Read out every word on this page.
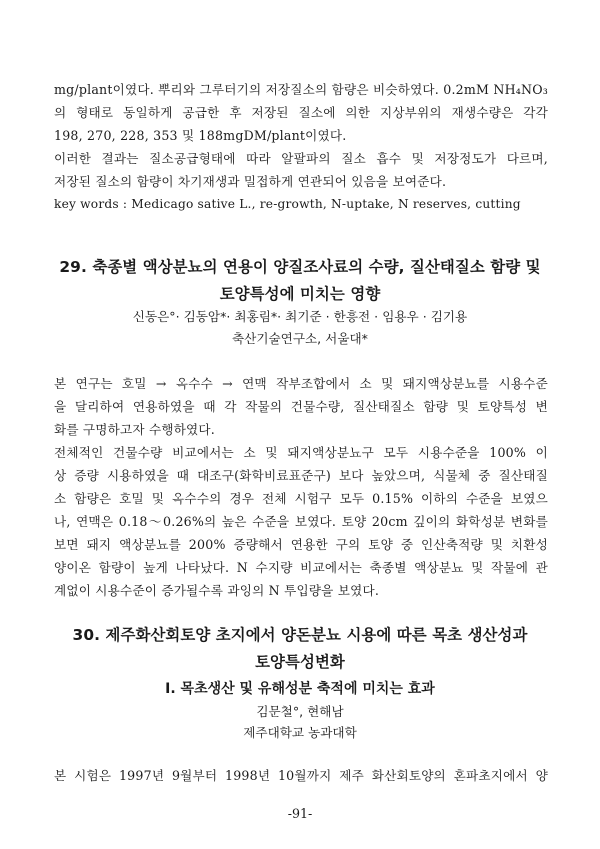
mg/plant이였다. 뿌리와 그루터기의 저장질소의 함량은 비슷하였다. 0.2mM NH₄NO₃
의 형태로 동일하게 공급한 후 저장된 질소에 의한 지상부위의 재생수량은 각각
198, 270, 228, 353 및 188mgDM/plant이였다.
이러한 결과는 질소공급형태에 따라 알팔파의 질소 흡수 및 저장정도가 다르며,
저장된 질소의 함량이 차기재생과 밀접하게 연관되어 있음을 보여준다.
key words : Medicago sative L., re-growth, N-uptake, N reserves, cutting
29. 축종별 액상분뇨의 연용이 양질조사료의 수량, 질산태질소 함량 및
토양특성에 미치는 영향
신동은°· 김동암*· 최홍림*· 최기준 · 한흥전 · 임용우 · 김기용
축산기술연구소, 서울대*
본 연구는 호밀 → 옥수수 → 연맥 작부조합에서 소 및 돼지액상분뇨를 시용수준
을 달리하여 연용하였을 때 각 작물의 건물수량, 질산태질소 함량 및 토양특성 변
화를 구명하고자 수행하였다.
전체적인 건물수량 비교에서는 소 및 돼지액상분뇨구 모두 시용수준을 100% 이
상 증량 시용하였을 때 대조구(화학비료표준구) 보다 높았으며, 식물체 중 질산태질
소 함량은 호밀 및 옥수수의 경우 전체 시험구 모두 0.15% 이하의 수준을 보였으
나, 연맥은 0.18～0.26%의 높은 수준을 보였다. 토양 20cm 깊이의 화학성분 변화를
보면 돼지 액상분뇨를 200% 증량해서 연용한 구의 토양 중 인산축적량 및 치환성
양이온 함량이 높게 나타났다. N 수지량 비교에서는 축종별 액상분뇨 및 작물에 관
계없이 시용수준이 증가될수록 과잉의 N 투입량을 보였다.
30. 제주화산회토양 초지에서 양돈분뇨 시용에 따른 목초 생산성과
토양특성변화
I. 목초생산 및 유해성분 축적에 미치는 효과
김문철°, 현해남
제주대학교 농과대학
본 시험은 1997년 9월부터 1998년 10월까지 제주 화산회토양의 혼파초지에서 양
-91-
